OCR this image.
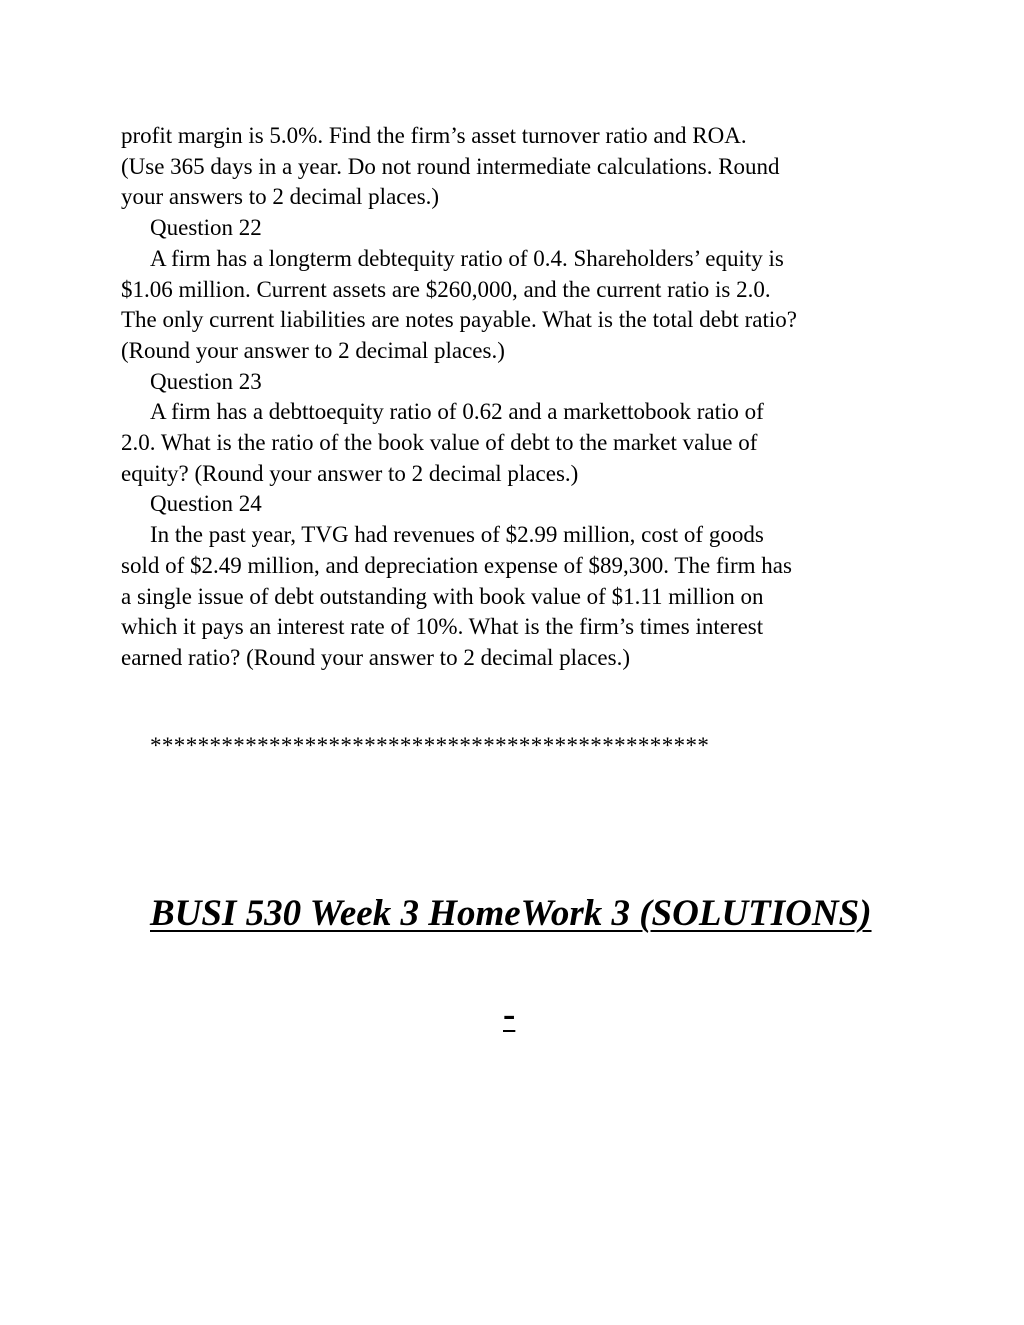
profit margin is 5.0%. Find the firm’s asset turnover ratio and ROA.
(Use 365 days in a year. Do not round intermediate calculations. Round
your answers to 2 decimal places.)
Question 22
A firm has a longterm debtequity ratio of 0.4. Shareholders’ equity is
$1.06 million. Current assets are $260,000, and the current ratio is 2.0.
The only current liabilities are notes payable. What is the total debt ratio?
(Round your answer to 2 decimal places.)
Question 23
A firm has a debttoequity ratio of 0.62 and a markettobook ratio of
2.0. What is the ratio of the book value of debt to the market value of
equity? (Round your answer to 2 decimal places.)
Question 24
In the past year, TVG had revenues of $2.99 million, cost of goods
sold of $2.49 million, and depreciation expense of $89,300. The firm has
a single issue of debt outstanding with book value of $1.11 million on
which it pays an interest rate of 10%. What is the firm’s times interest
earned ratio? (Round your answer to 2 decimal places.)
***********************************************
BUSI 530 Week 3 HomeWork 3 (SOLUTIONS)
-
